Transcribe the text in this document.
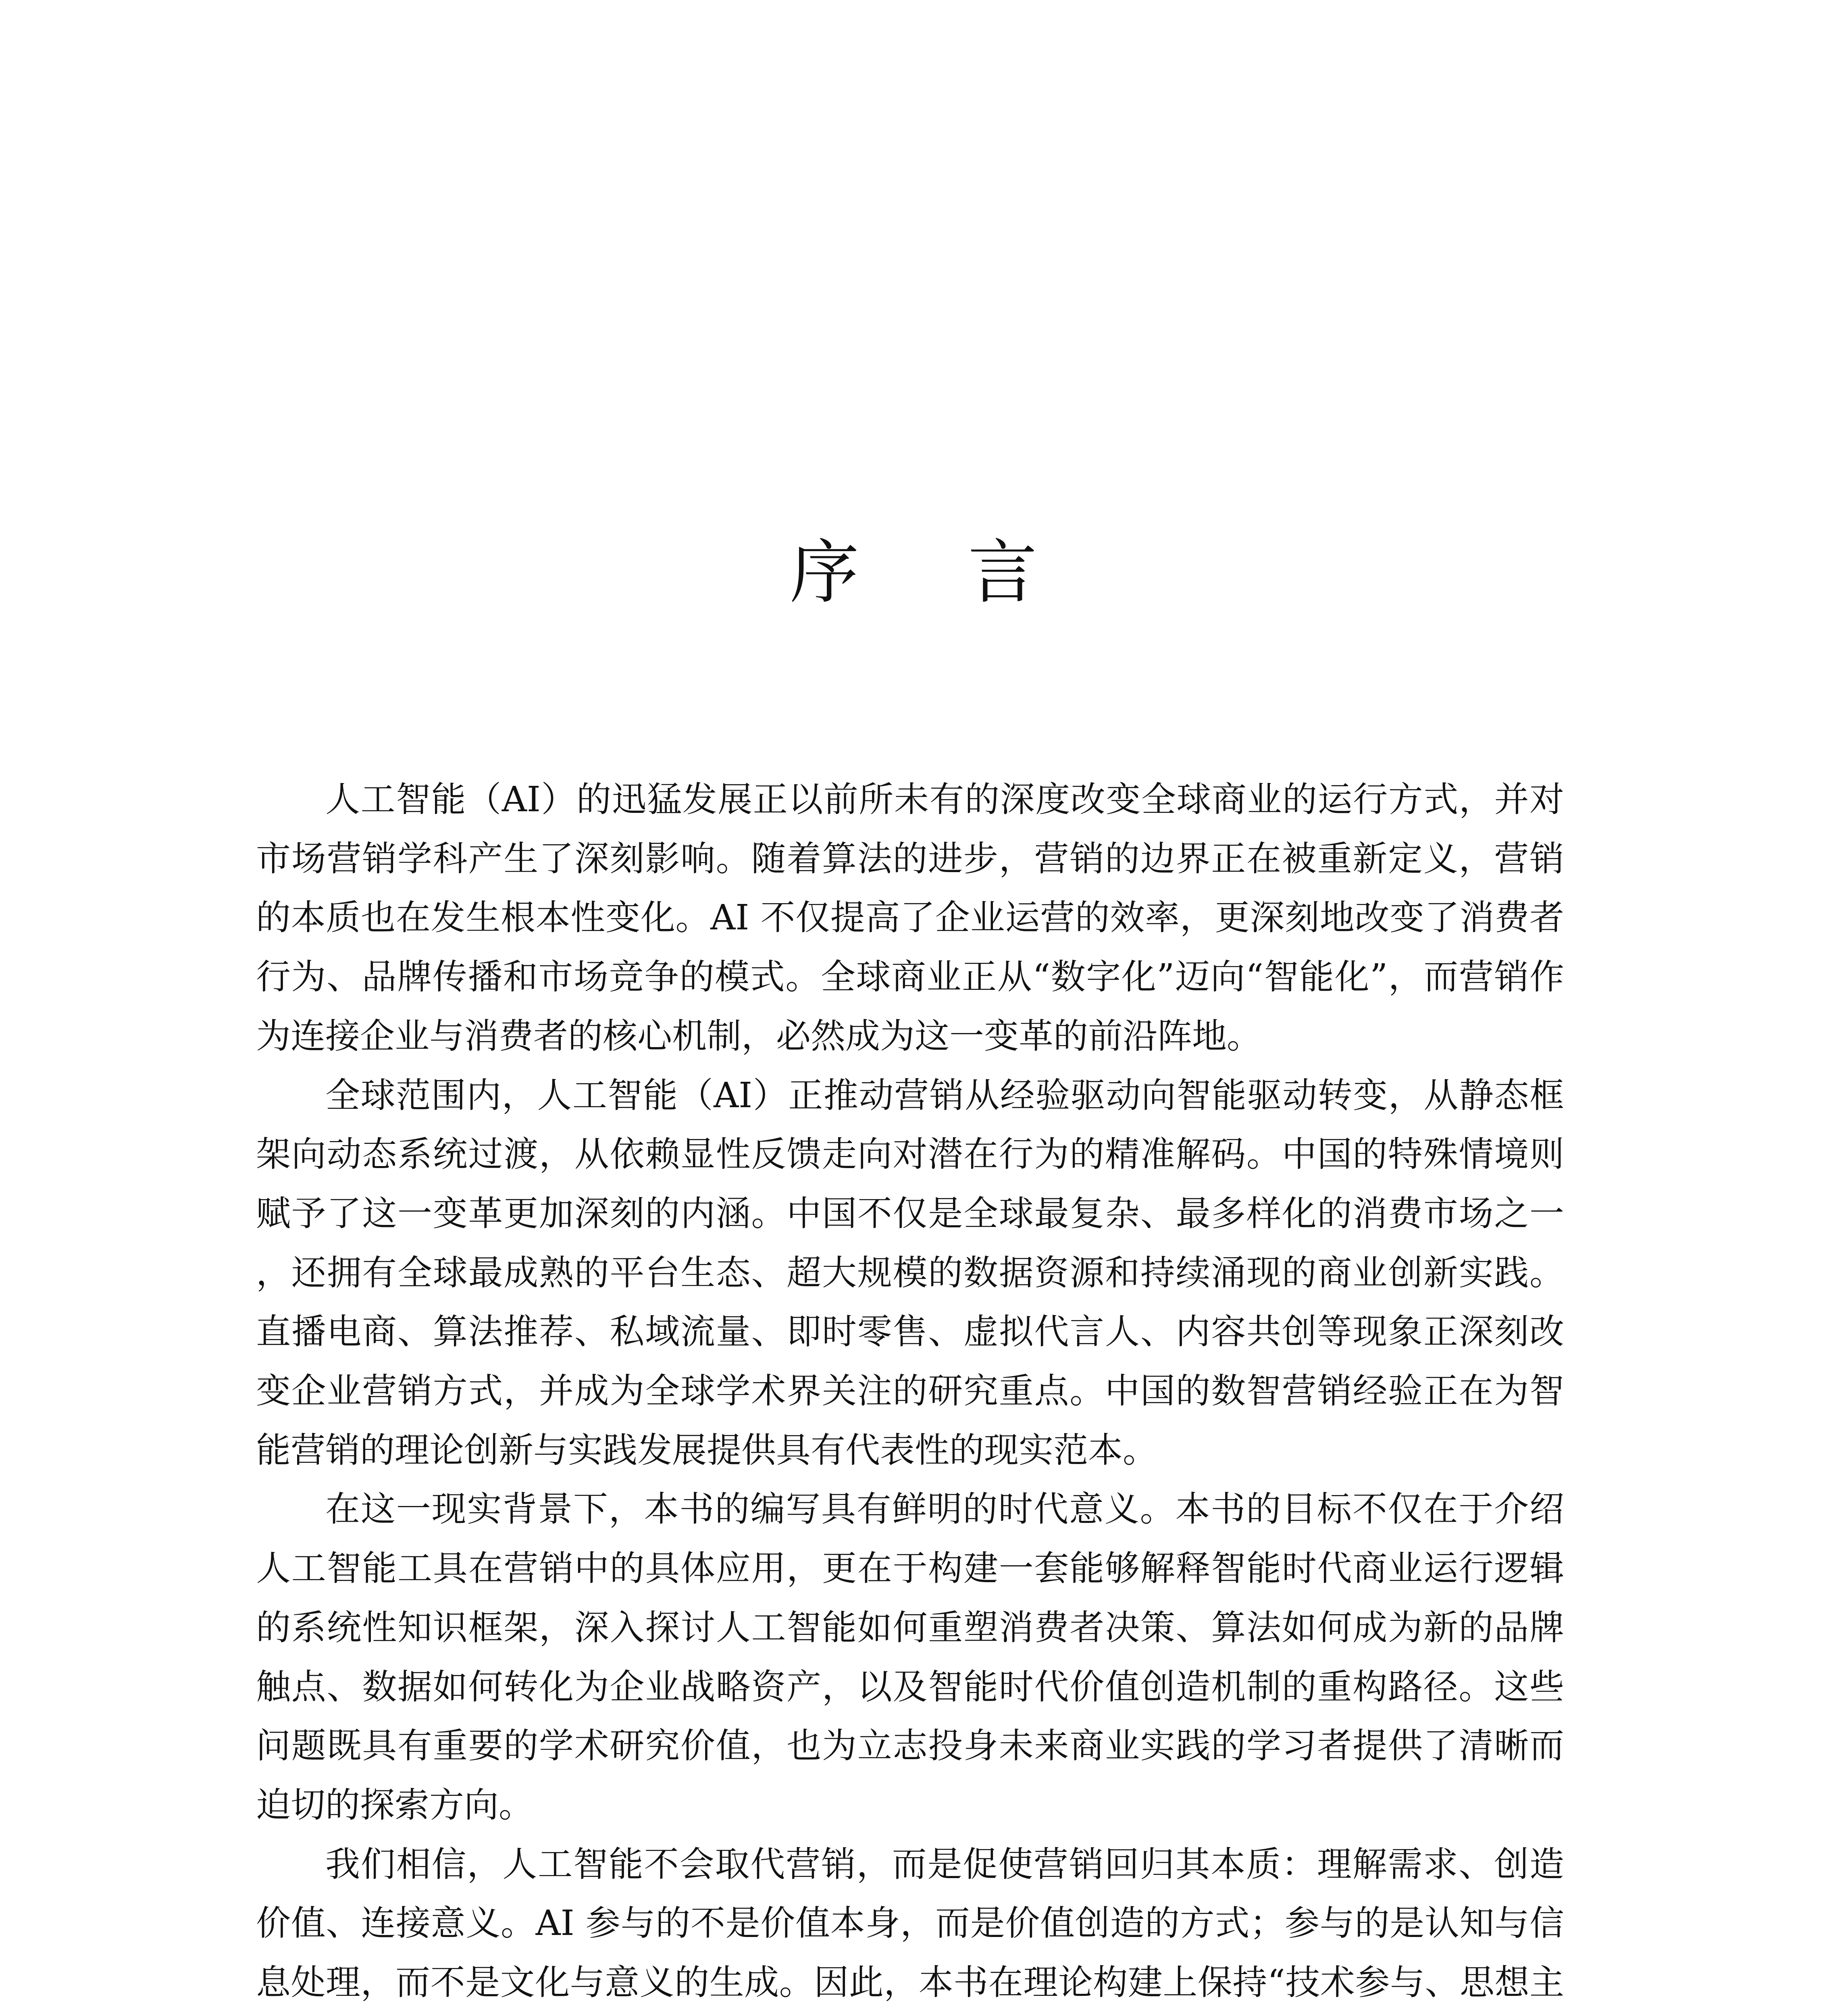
序 言

人工智能（AI）的迅猛发展正以前所未有的深度改变全球商业的运行方式，并对市场营销学科产生了深刻影响。随着算法的进步，营销的边界正在被重新定义，营销的本质也在发生根本性变化。AI 不仅提高了企业运营的效率，更深刻地改变了消费者行为、品牌传播和市场竞争的模式。全球商业正从“数字化”迈向“智能化”，而营销作为连接企业与消费者的核心机制，必然成为这一变革的前沿阵地。

全球范围内，人工智能（AI）正推动营销从经验驱动向智能驱动转变，从静态框架向动态系统过渡，从依赖显性反馈走向对潜在行为的精准解码。中国的特殊情境则赋予了这一变革更加深刻的内涵。中国不仅是全球最复杂、最多样化的消费市场之一，还拥有全球最成熟的平台生态、超大规模的数据资源和持续涌现的商业创新实践。直播电商、算法推荐、私域流量、即时零售、虚拟代言人、内容共创等现象正深刻改变企业营销方式，并成为全球学术界关注的研究重点。中国的数智营销经验正在为智能营销的理论创新与实践发展提供具有代表性的现实范本。

在这一现实背景下，本书的编写具有鲜明的时代意义。本书的目标不仅在于介绍人工智能工具在营销中的具体应用，更在于构建一套能够解释智能时代商业运行逻辑的系统性知识框架，深入探讨人工智能如何重塑消费者决策、算法如何成为新的品牌触点、数据如何转化为企业战略资产，以及智能时代价值创造机制的重构路径。这些问题既具有重要的学术研究价值，也为立志投身未来商业实践的学习者提供了清晰而迫切的探索方向。

我们相信，人工智能不会取代营销，而是促使营销回归其本质：理解需求、创造价值、连接意义。AI 参与的不是价值本身，而是价值创造的方式；参与的是认知与信息处理，而不是文化与意义的生成。因此，本书在理论构建上保持“技术参与、思想主
